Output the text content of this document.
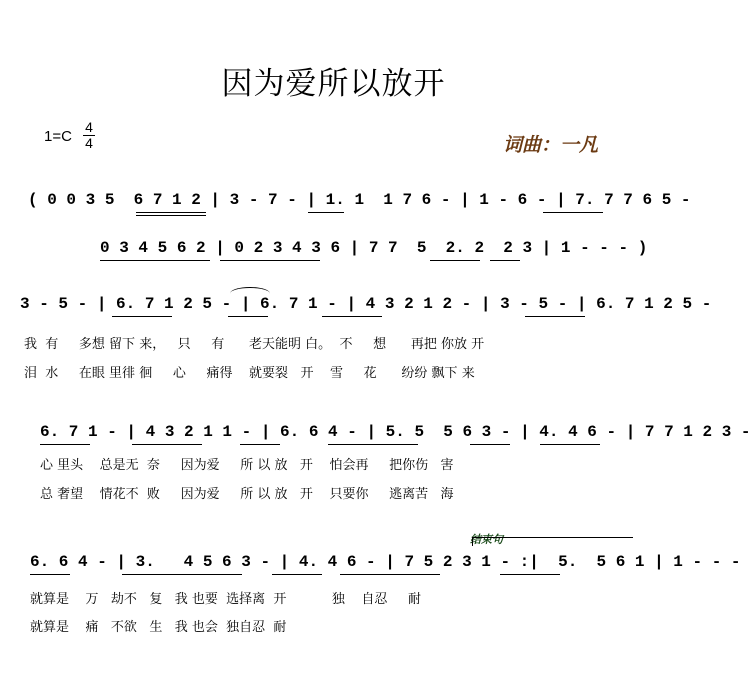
因为爱所以放开
1=C
4
4	词曲：一凡

( 0 0 3 5  6 7 1 2 | 3 - 7 - | 1. 1  1 7 6 - | 1 - 6 - | 7. 7 7 6 5 -

0 3 4 5 6 2 | 0 2 3 4 3 6 | 7 7  5  2. 2  2 3 | 1 - - - )

3 - 5 - | 6. 7 1 2 5 - | 6. 7 1 - | 4 3 2 1 2 - | 3 - 5 - | 6. 7 1 2 5 -

我  有     多想 留下 来，   只     有      老天能明 白。  不     想      再把 你放 开
泪  水     在眼 里徘 徊     心     痛得    就要裂   开    雪     花      纷纷 飘下 来

6. 7 1 - | 4 3 2 1 1 - | 6. 6 4 - | 5. 5  5 6 3 - | 4. 4 6 - | 7 7 1 2 3 -

心 里头    总是无  奈     因为爱     所 以 放   开    怕会再     把你伤   害
总 奢望    情花不  败     因为爱     所 以 放   开    只要你     逃离苦   海
结束句

6. 6 4 - | 3.   4 5 6 3 - | 4. 4 6 - | 7 5 2 3 1 - :|  5.  5 6 1 | 1 - - -

就算是    万   劫不   复   我 也要  选择离  开           独    自忍     耐
就算是    痛   不欲   生   我 也会  独自忍  耐
